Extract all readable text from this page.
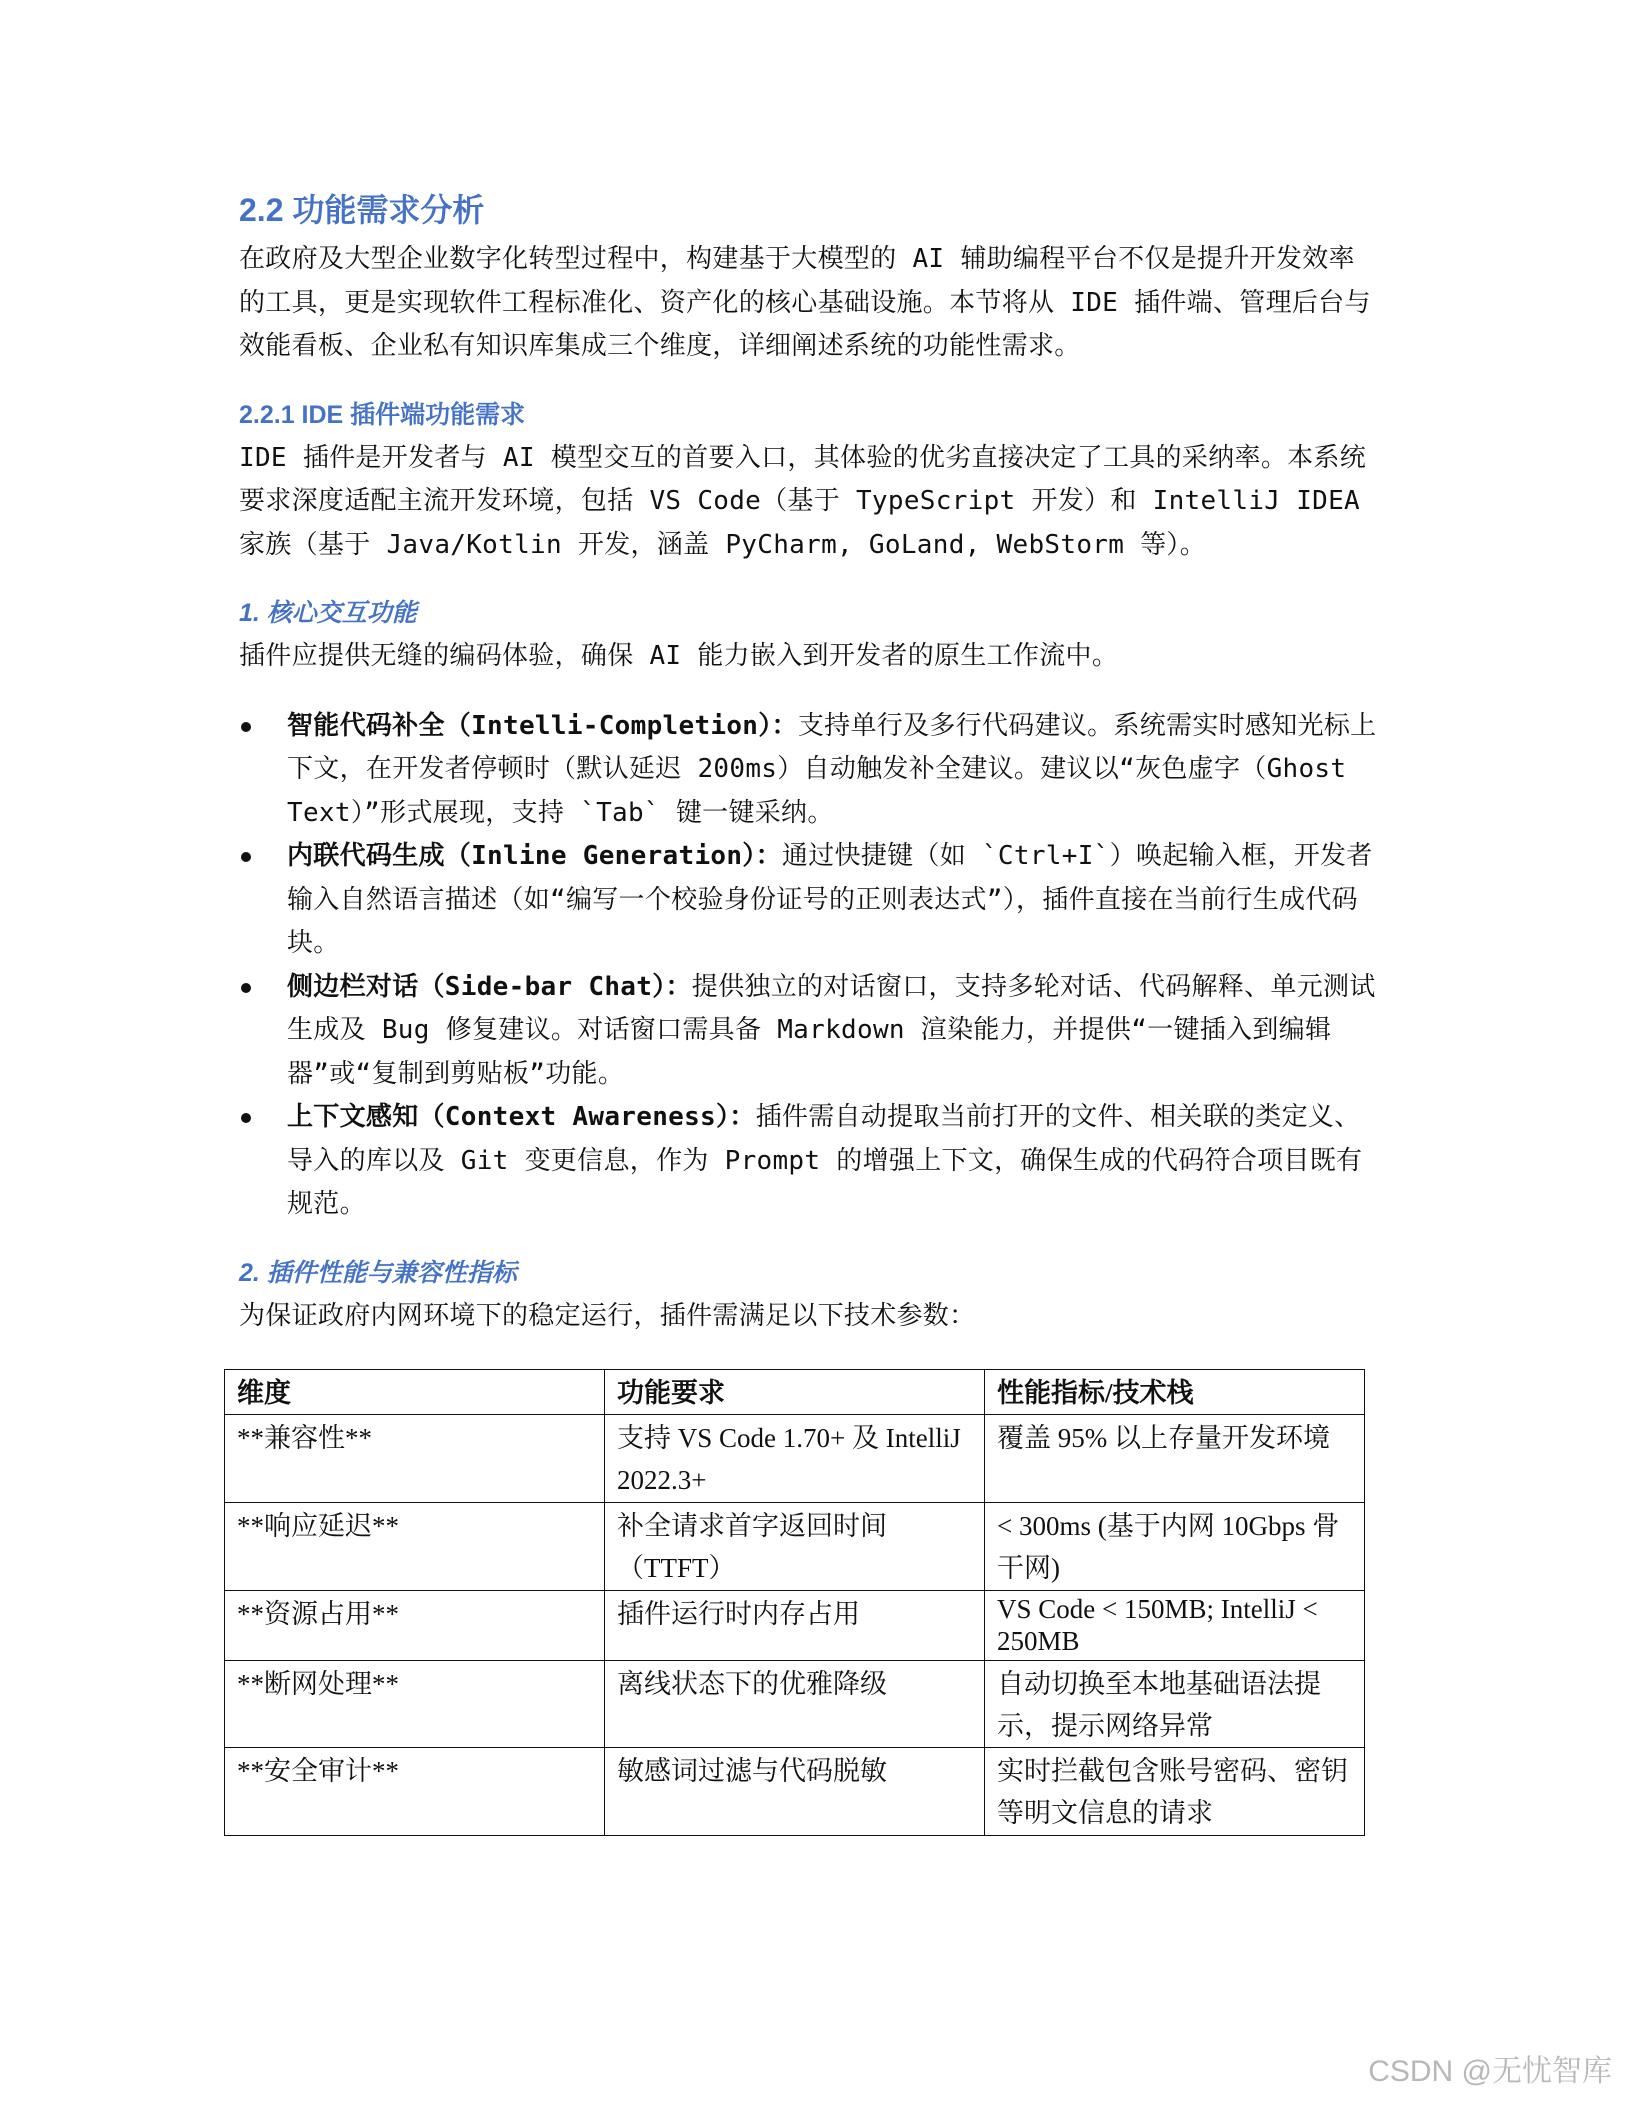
2.2 功能需求分析

在政府及大型企业数字化转型过程中，构建基于大模型的 AI 辅助编程平台不仅是提升开发效率的工具，更是实现软件工程标准化、资产化的核心基础设施。本节将从 IDE 插件端、管理后台与效能看板、企业私有知识库集成三个维度，详细阐述系统的功能性需求。

2.2.1 IDE 插件端功能需求

IDE 插件是开发者与 AI 模型交互的首要入口，其体验的优劣直接决定了工具的采纳率。本系统要求深度适配主流开发环境，包括 VS Code（基于 TypeScript 开发）和 IntelliJ IDEA 家族（基于 Java/Kotlin 开发，涵盖 PyCharm, GoLand, WebStorm 等）。

1. 核心交互功能

插件应提供无缝的编码体验，确保 AI 能力嵌入到开发者的原生工作流中。

智能代码补全（Intelli-Completion）：支持单行及多行代码建议。系统需实时感知光标上下文，在开发者停顿时（默认延迟 200ms）自动触发补全建议。建议以“灰色虚字（Ghost Text）”形式展现，支持 `Tab` 键一键采纳。
内联代码生成（Inline Generation）：通过快捷键（如 `Ctrl+I`）唤起输入框，开发者输入自然语言描述（如“编写一个校验身份证号的正则表达式”），插件直接在当前行生成代码块。
侧边栏对话（Side-bar Chat）：提供独立的对话窗口，支持多轮对话、代码解释、单元测试生成及 Bug 修复建议。对话窗口需具备 Markdown 渲染能力，并提供“一键插入到编辑器”或“复制到剪贴板”功能。
上下文感知（Context Awareness）：插件需自动提取当前打开的文件、相关联的类定义、导入的库以及 Git 变更信息，作为 Prompt 的增强上下文，确保生成的代码符合项目既有规范。
2. 插件性能与兼容性指标

为保证政府内网环境下的稳定运行，插件需满足以下技术参数：

维度	功能要求	性能指标/技术栈
**兼容性**	支持 VS Code 1.70+ 及 IntelliJ 2022.3+	覆盖 95% 以上存量开发环境
**响应延迟**	补全请求首字返回时间（TTFT）	< 300ms (基于内网 10Gbps 骨干网)
**资源占用**	插件运行时内存占用	VS Code < 150MB; IntelliJ < 250MB
**断网处理**	离线状态下的优雅降级	自动切换至本地基础语法提示，提示网络异常
**安全审计**	敏感词过滤与代码脱敏	实时拦截包含账号密码、密钥等明文信息的请求
CSDN @无忧智库
